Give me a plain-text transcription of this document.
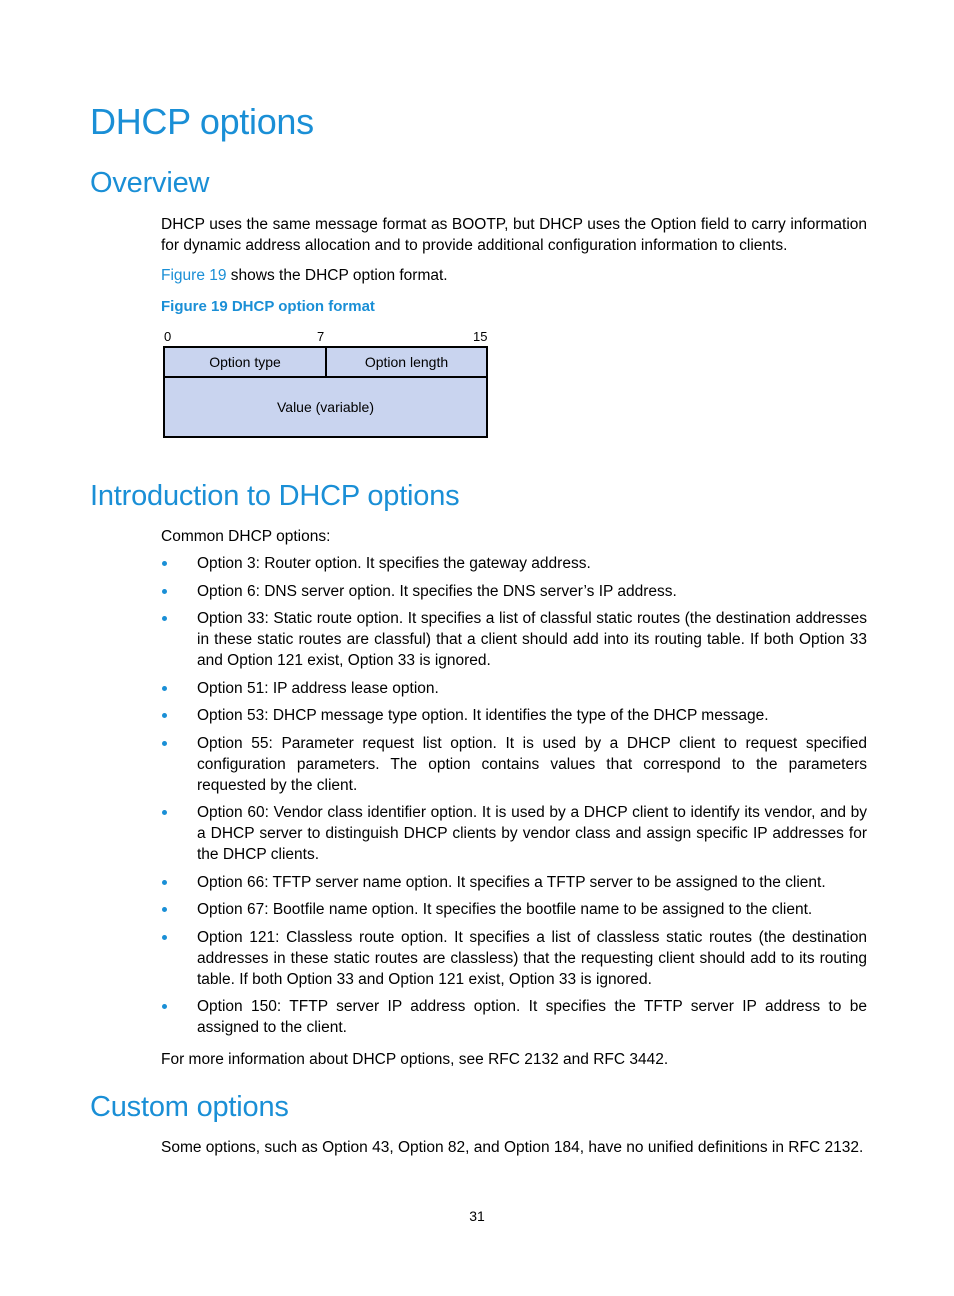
DHCP options
Overview

DHCP uses the same message format as BOOTP, but DHCP uses the Option field to carry information for dynamic address allocation and to provide additional configuration information to clients.

Figure 19 shows the DHCP option format.

Figure 19 DHCP option format

0	7	15
Option type	Option length
Value (variable)
Introduction to DHCP options

Common DHCP options:

Option 3: Router option. It specifies the gateway address.
Option 6: DNS server option. It specifies the DNS server’s IP address.
Option 33: Static route option. It specifies a list of classful static routes (the destination addresses in these static routes are classful) that a client should add into its routing table. If both Option 33 and Option 121 exist, Option 33 is ignored.
Option 51: IP address lease option.
Option 53: DHCP message type option. It identifies the type of the DHCP message.
Option 55: Parameter request list option. It is used by a DHCP client to request specified configuration parameters. The option contains values that correspond to the parameters requested by the client.
Option 60: Vendor class identifier option. It is used by a DHCP client to identify its vendor, and by a DHCP server to distinguish DHCP clients by vendor class and assign specific IP addresses for the DHCP clients.
Option 66: TFTP server name option. It specifies a TFTP server to be assigned to the client.
Option 67: Bootfile name option. It specifies the bootfile name to be assigned to the client.
Option 121: Classless route option. It specifies a list of classless static routes (the destination addresses in these static routes are classless) that the requesting client should add to its routing table. If both Option 33 and Option 121 exist, Option 33 is ignored.
Option 150: TFTP server IP address option. It specifies the TFTP server IP address to be assigned to the client.

For more information about DHCP options, see RFC 2132 and RFC 3442.

Custom options

Some options, such as Option 43, Option 82, and Option 184, have no unified definitions in RFC 2132.

31
